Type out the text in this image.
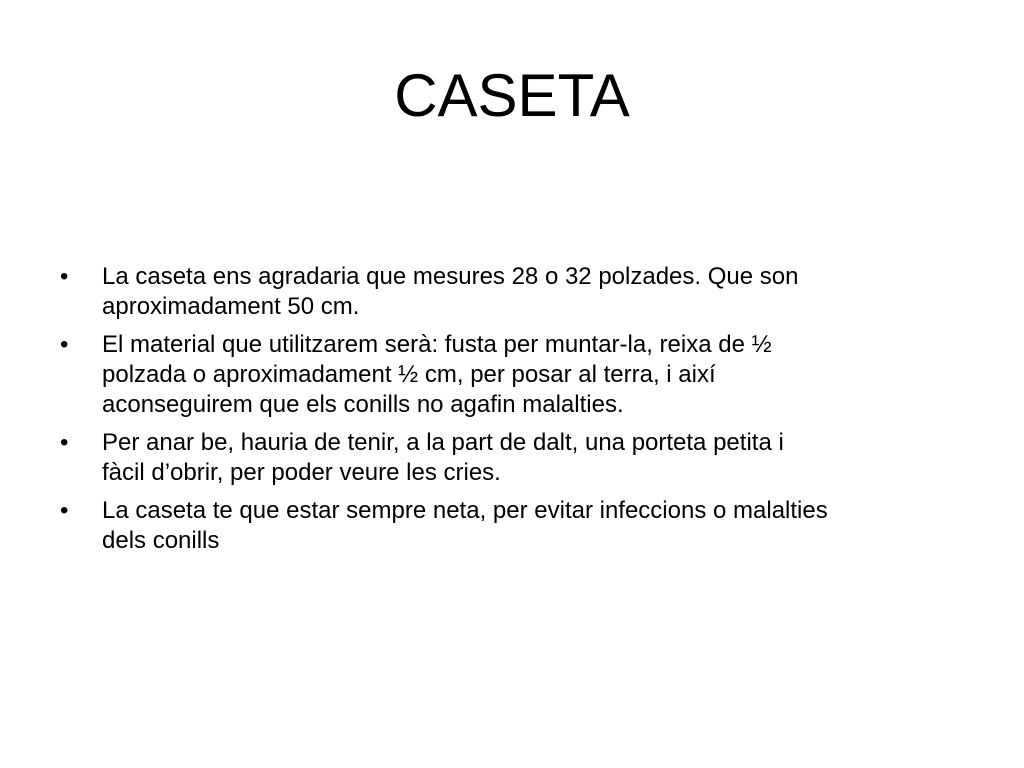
CASETA
•	La caseta ens agradaria que mesures 28 o 32 polzades. Que son
aproximadament 50 cm.
•	El material que utilitzarem serà: fusta per muntar-la, reixa de ½
polzada o aproximadament ½ cm, per posar al terra, i així
aconseguirem que els conills no agafin malalties.
•	Per anar be, hauria de tenir, a la part de dalt, una porteta petita i
fàcil d’obrir, per poder veure les cries.
•	La caseta te que estar sempre neta, per evitar infeccions o malalties
dels conills
